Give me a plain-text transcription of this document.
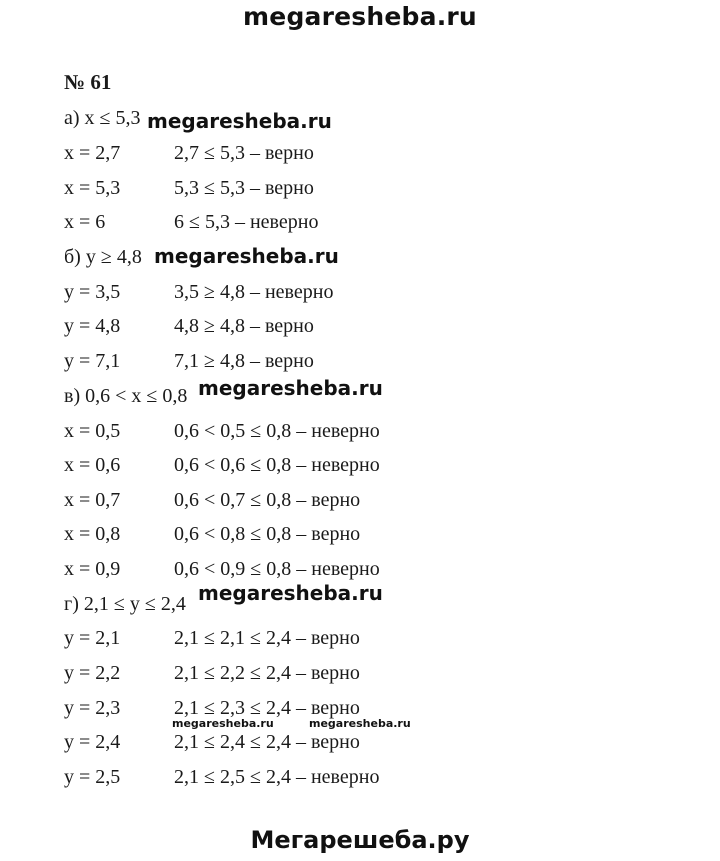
megaresheba.ru
№ 61
а) x ≤ 5,3
x = 2,7	2,7 ≤ 5,3 – верно
x = 5,3	5,3 ≤ 5,3 – верно
x = 6	6 ≤ 5,3 – неверно
б) y ≥ 4,8
y = 3,5	3,5 ≥ 4,8 – неверно
y = 4,8	4,8 ≥ 4,8 – верно
y = 7,1	7,1 ≥ 4,8 – верно
в) 0,6 < x ≤ 0,8
x = 0,5	0,6 < 0,5 ≤ 0,8 – неверно
x = 0,6	0,6 < 0,6 ≤ 0,8 – неверно
x = 0,7	0,6 < 0,7 ≤ 0,8 – верно
x = 0,8	0,6 < 0,8 ≤ 0,8 – верно
x = 0,9	0,6 < 0,9 ≤ 0,8 – неверно
г) 2,1 ≤ y ≤ 2,4
y = 2,1	2,1 ≤ 2,1 ≤ 2,4 – верно
y = 2,2	2,1 ≤ 2,2 ≤ 2,4 – верно
y = 2,3	2,1 ≤ 2,3 ≤ 2,4 – верно
y = 2,4	2,1 ≤ 2,4 ≤ 2,4 – верно
y = 2,5	2,1 ≤ 2,5 ≤ 2,4 – неверно
megaresheba.ru
megaresheba.ru
megaresheba.ru
megaresheba.ru
megaresheba.ru	megaresheba.ru
Мегарешеба.ру
